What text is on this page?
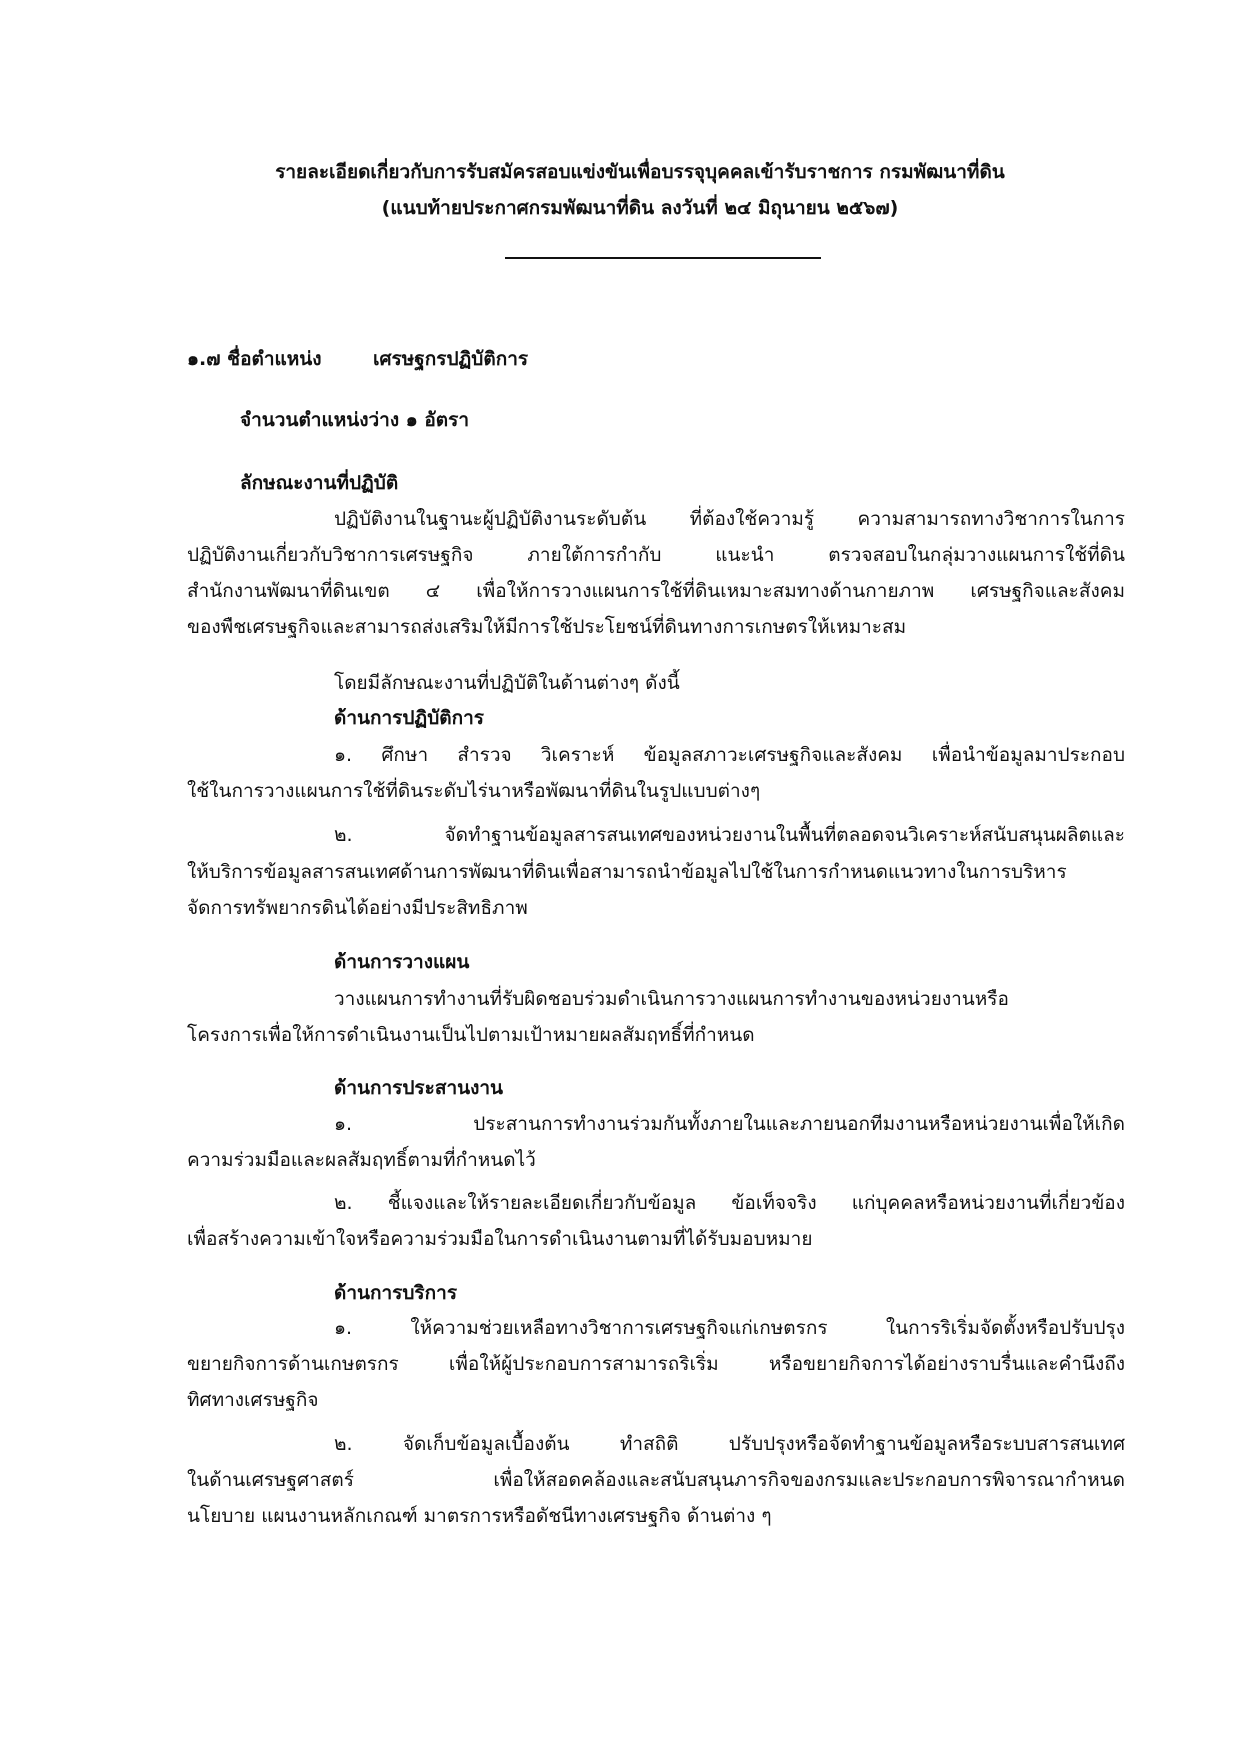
รายละเอียดเกี่ยวกับการรับสมัครสอบแข่งขันเพื่อบรรจุบุคคลเข้ารับราชการ กรมพัฒนาที่ดิน
(แนบท้ายประกาศกรมพัฒนาที่ดิน ลงวันที่ ๒๔ มิถุนายน ๒๕๖๗)
๑.๗ ชื่อตำแหน่ง	เศรษฐกรปฏิบัติการ
จำนวนตำแหน่งว่าง ๑ อัตรา
ลักษณะงานที่ปฏิบัติ
ปฏิบัติงานในฐานะผู้ปฏิบัติงานระดับต้น ที่ต้องใช้ความรู้ ความสามารถทางวิชาการในการ
ปฏิบัติงานเกี่ยวกับวิชาการเศรษฐกิจ ภายใต้การกำกับ แนะนำ ตรวจสอบในกลุ่มวางแผนการใช้ที่ดิน
สำนักงานพัฒนาที่ดินเขต ๔ เพื่อให้การวางแผนการใช้ที่ดินเหมาะสมทางด้านกายภาพ เศรษฐกิจและสังคม
ของพืชเศรษฐกิจและสามารถส่งเสริมให้มีการใช้ประโยชน์ที่ดินทางการเกษตรให้เหมาะสม
โดยมีลักษณะงานที่ปฏิบัติในด้านต่างๆ ดังนี้
ด้านการปฏิบัติการ
๑. ศึกษา สำรวจ วิเคราะห์ ข้อมูลสภาวะเศรษฐกิจและสังคม เพื่อนำข้อมูลมาประกอบ
ใช้ในการวางแผนการใช้ที่ดินระดับไร่นาหรือพัฒนาที่ดินในรูปแบบต่างๆ
๒. จัดทำฐานข้อมูลสารสนเทศของหน่วยงานในพื้นที่ตลอดจนวิเคราะห์สนับสนุนผลิตและ
ให้บริการข้อมูลสารสนเทศด้านการพัฒนาที่ดินเพื่อสามารถนำข้อมูลไปใช้ในการกำหนดแนวทางในการบริหาร
จัดการทรัพยากรดินได้อย่างมีประสิทธิภาพ
ด้านการวางแผน
วางแผนการทำงานที่รับผิดชอบร่วมดำเนินการวางแผนการทำงานของหน่วยงานหรือ
โครงการเพื่อให้การดำเนินงานเป็นไปตามเป้าหมายผลสัมฤทธิ์ที่กำหนด
ด้านการประสานงาน
๑. ประสานการทำงานร่วมกันทั้งภายในและภายนอกทีมงานหรือหน่วยงานเพื่อให้เกิด
ความร่วมมือและผลสัมฤทธิ์ตามที่กำหนดไว้
๒. ชี้แจงและให้รายละเอียดเกี่ยวกับข้อมูล ข้อเท็จจริง แก่บุคคลหรือหน่วยงานที่เกี่ยวข้อง
เพื่อสร้างความเข้าใจหรือความร่วมมือในการดำเนินงานตามที่ได้รับมอบหมาย
ด้านการบริการ
๑. ให้ความช่วยเหลือทางวิชาการเศรษฐกิจแก่เกษตรกร ในการริเริ่มจัดตั้งหรือปรับปรุง
ขยายกิจการด้านเกษตรกร เพื่อให้ผู้ประกอบการสามารถริเริ่ม หรือขยายกิจการได้อย่างราบรื่นและคำนึงถึง
ทิศทางเศรษฐกิจ
๒. จัดเก็บข้อมูลเบื้องต้น ทำสถิติ ปรับปรุงหรือจัดทำฐานข้อมูลหรือระบบสารสนเทศ
ในด้านเศรษฐศาสตร์ เพื่อให้สอดคล้องและสนับสนุนภารกิจของกรมและประกอบการพิจารณากำหนด
นโยบาย แผนงานหลักเกณฑ์ มาตรการหรือดัชนีทางเศรษฐกิจ ด้านต่าง ๆ
